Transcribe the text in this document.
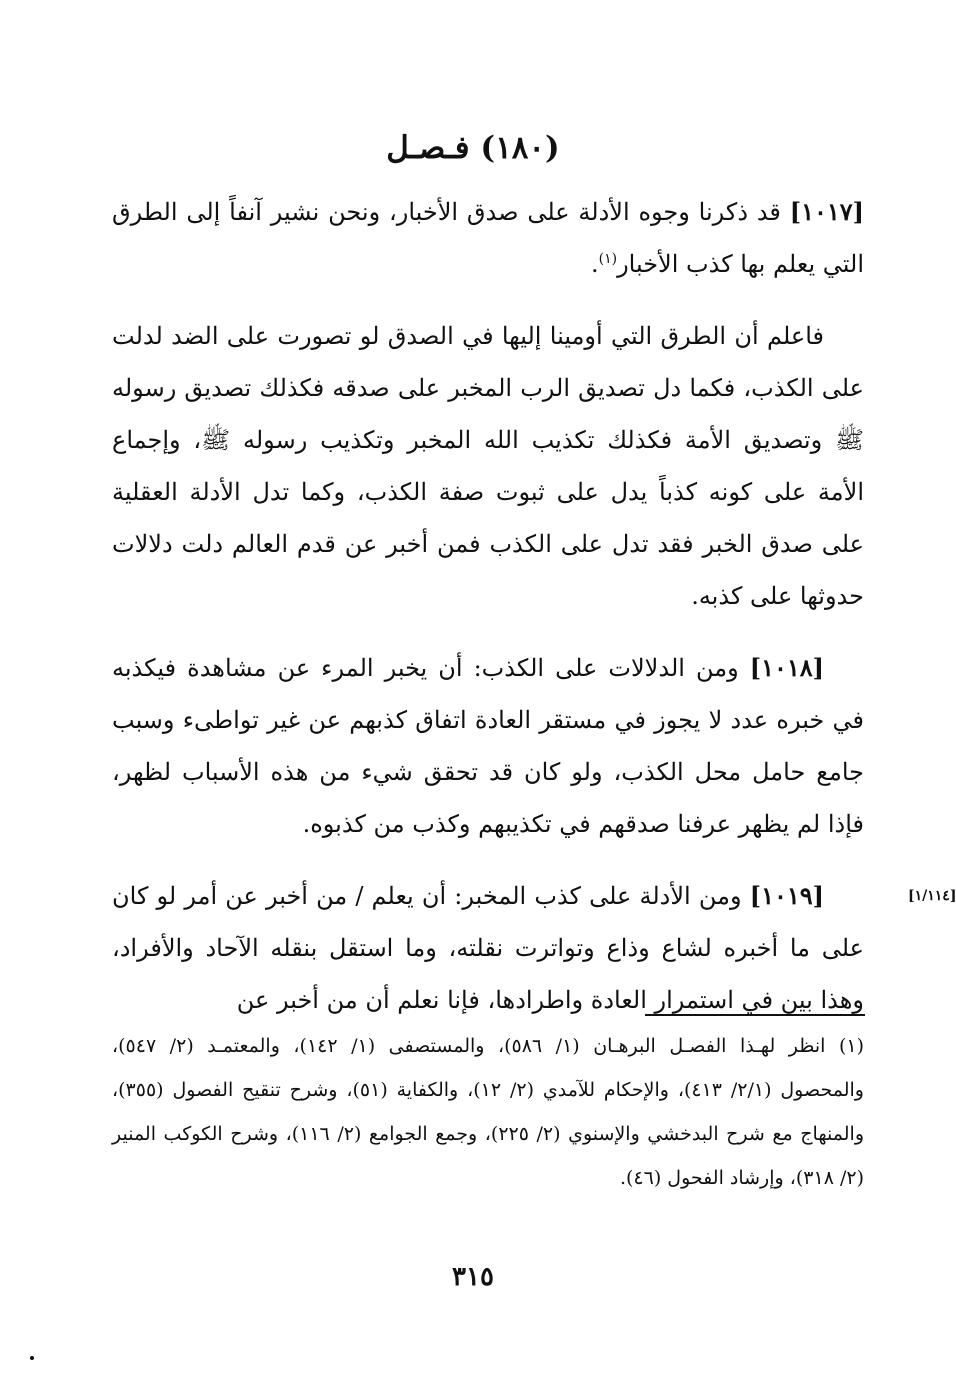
(١٨٠) فـصـل

[١٠١٧] قد ذكرنا وجوه الأدلة على صدق الأخبار، ونحن نشير آنفاً إلى الطرق التي يعلم بها كذب الأخبار$^{(١)}$.

فاعلم أن الطرق التي أومينا إليها في الصدق لو تصورت على الضد لدلت على الكذب، فكما دل تصديق الرب المخبر على صدقه فكذلك تصديق رسوله ﷺ وتصديق الأمة فكذلك تكذيب الله المخبر وتكذيب رسوله ﷺ، وإجماع الأمة على كونه كذباً يدل على ثبوت صفة الكذب، وكما تدل الأدلة العقلية على صدق الخبر فقد تدل على الكذب فمن أخبر عن قدم العالم دلت دلالات حدوثها على كذبه.

[١٠١٨] ومن الدلالات على الكذب: أن يخبر المرء عن مشاهدة فيكذبه في خبره عدد لا يجوز في مستقر العادة اتفاق كذبهم عن غير تواطىء وسبب جامع حامل محل الكذب، ولو كان قد تحقق شيء من هذه الأسباب لظهر، فإذا لم يظهر عرفنا صدقهم في تكذيبهم وكذب من كذبوه.

[١/١١٤]
[١٠١٩] ومن الأدلة على كذب المخبر: أن يعلم / من أخبر عن أمر لو كان على ما أخبره لشاع وذاع وتواترت نقلته، وما استقل بنقله الآحاد والأفراد، وهذا بين في استمرار العادة واطرادها، فإنا نعلم أن من أخبر عن

(١) انظر لهـذا الفصـل البرهـان (١/ ٥٨٦)، والمستصفى (١/ ١٤٢)، والمعتمـد (٢/ ٥٤٧)، والمحصول (٢/١/ ٤١٣)، والإحكام للآمدي (٢/ ١٢)، والكفاية (٥١)، وشرح تنقيح الفصول (٣٥٥)، والمنهاج مع شرح البدخشي والإسنوي (٢/ ٢٢٥)، وجمع الجوامع (٢/ ١١٦)، وشرح الكوكب المنير (٢/ ٣١٨)، وإرشاد الفحول (٤٦).

٣١٥
